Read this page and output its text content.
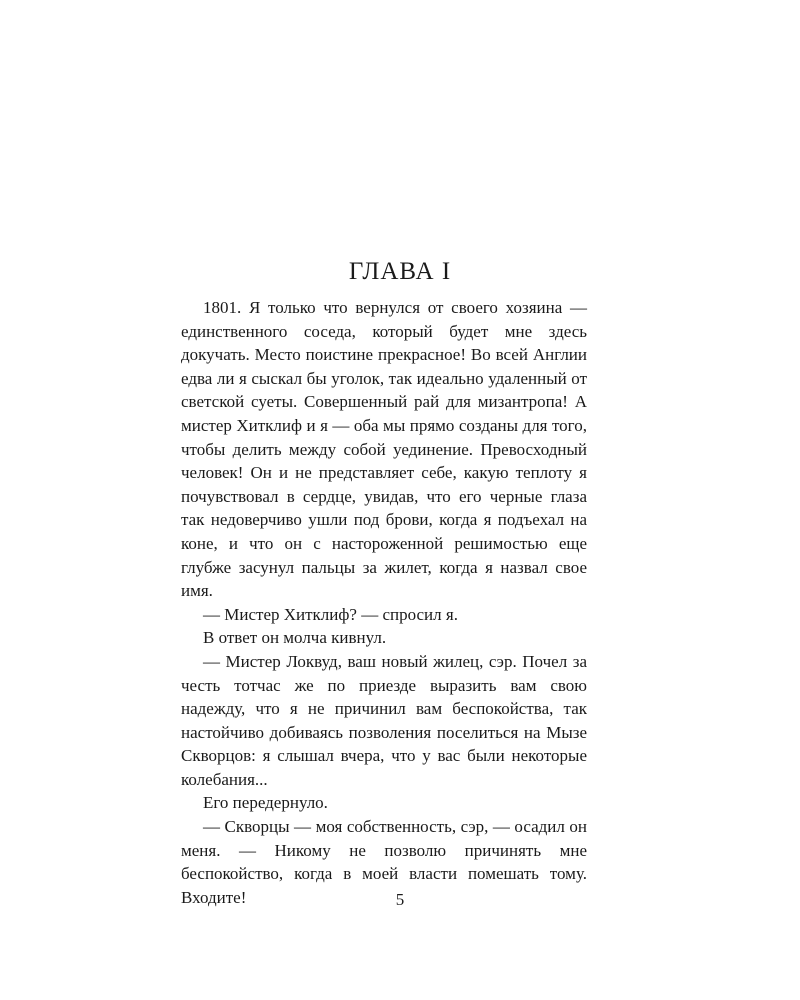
ГЛАВА I

1801. Я только что вернулся от своего хозяина — единственного соседа, который будет мне здесь докучать. Место поистине прекрасное! Во всей Англии едва ли я сыскал бы уголок, так идеально удаленный от светской суеты. Совершенный рай для мизантропа! А мистер Хитклиф и я — оба мы прямо созданы для того, чтобы делить между собой уединение. Превосходный человек! Он и не представляет себе, какую теплоту я почувствовал в сердце, увидав, что его черные глаза так недоверчиво ушли под брови, когда я подъехал на коне, и что он с настороженной решимостью еще глубже засунул пальцы за жилет, когда я назвал свое имя.

— Мистер Хитклиф? — спросил я.

В ответ он молча кивнул.

— Мистер Локвуд, ваш новый жилец, сэр. Почел за честь тотчас же по приезде выразить вам свою надежду, что я не причинил вам беспокойства, так настойчиво добиваясь позволения поселиться на Мызе Скворцов: я слышал вчера, что у вас были некоторые колебания...

Его передернуло.

— Скворцы — моя собственность, сэр, — осадил он меня. — Никому не позволю причинять мне беспокойство, когда в моей власти помешать тому. Входите!	5
